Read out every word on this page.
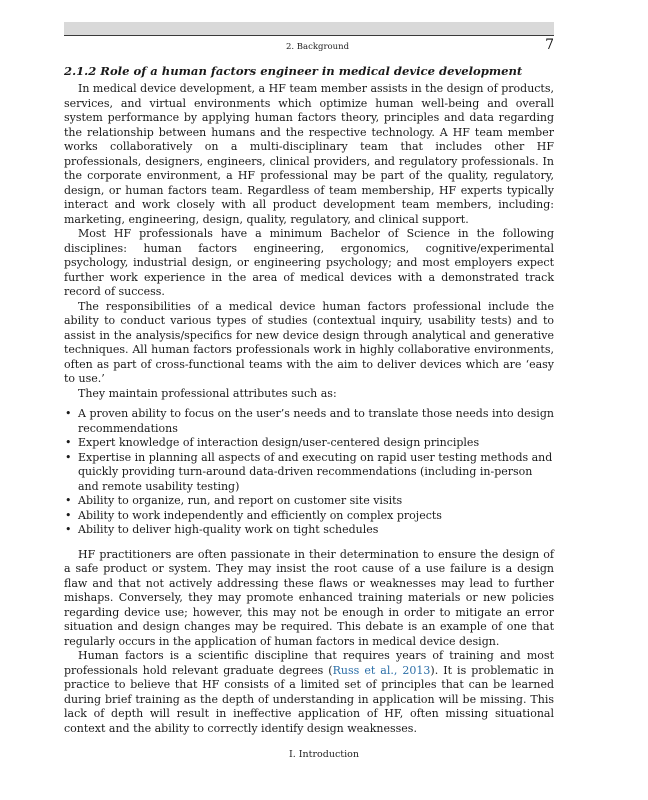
2. Background	7
2.1.2 Role of a human factors engineer in medical device development

In medical device development, a HF team member assists in the design of products, services, and virtual environments which optimize human well-being and overall system performance by applying human factors theory, principles and data regarding the relationship between humans and the respective technology. A HF team member works collaboratively on a multi-disciplinary team that includes other HF professionals, designers, engineers, clinical providers, and regulatory professionals. In the corporate environment, a HF professional may be part of the quality, regulatory, design, or human factors team. Regardless of team membership, HF experts typically interact and work closely with all product development team members, including: marketing, engineering, design, quality, regulatory, and clinical support.

Most HF professionals have a minimum Bachelor of Science in the following disciplines: human factors engineering, ergonomics, cognitive/experimental psychology, industrial design, or engineering psychology; and most employers expect further work experience in the area of medical devices with a demonstrated track record of success.

The responsibilities of a medical device human factors professional include the ability to conduct various types of studies (contextual inquiry, usability tests) and to assist in the analysis/specifics for new device design through analytical and generative techniques. All human factors professionals work in highly collaborative environments, often as part of cross-functional teams with the aim to deliver devices which are ‘easy to use.’

They maintain professional attributes such as:

• A proven ability to focus on the user’s needs and to translate those needs into design recommendations
• Expert knowledge of interaction design/user-centered design principles
• Expertise in planning all aspects of and executing on rapid user testing methods and quickly providing turn-around data-driven recommendations (including in-person and remote usability testing)
• Ability to organize, run, and report on customer site visits
• Ability to work independently and efficiently on complex projects
• Ability to deliver high-quality work on tight schedules

HF practitioners are often passionate in their determination to ensure the design of a safe product or system. They may insist the root cause of a use failure is a design flaw and that not actively addressing these flaws or weaknesses may lead to further mishaps. Conversely, they may promote enhanced training materials or new policies regarding device use; however, this may not be enough in order to mitigate an error situation and design changes may be required. This debate is an example of one that regularly occurs in the application of human factors in medical device design.

Human factors is a scientific discipline that requires years of training and most professionals hold relevant graduate degrees (Russ et al., 2013). It is problematic in practice to believe that HF consists of a limited set of principles that can be learned during brief training as the depth of understanding in application will be missing. This lack of depth will result in ineffective application of HF, often missing situational context and the ability to correctly identify design weaknesses.

I. Introduction
